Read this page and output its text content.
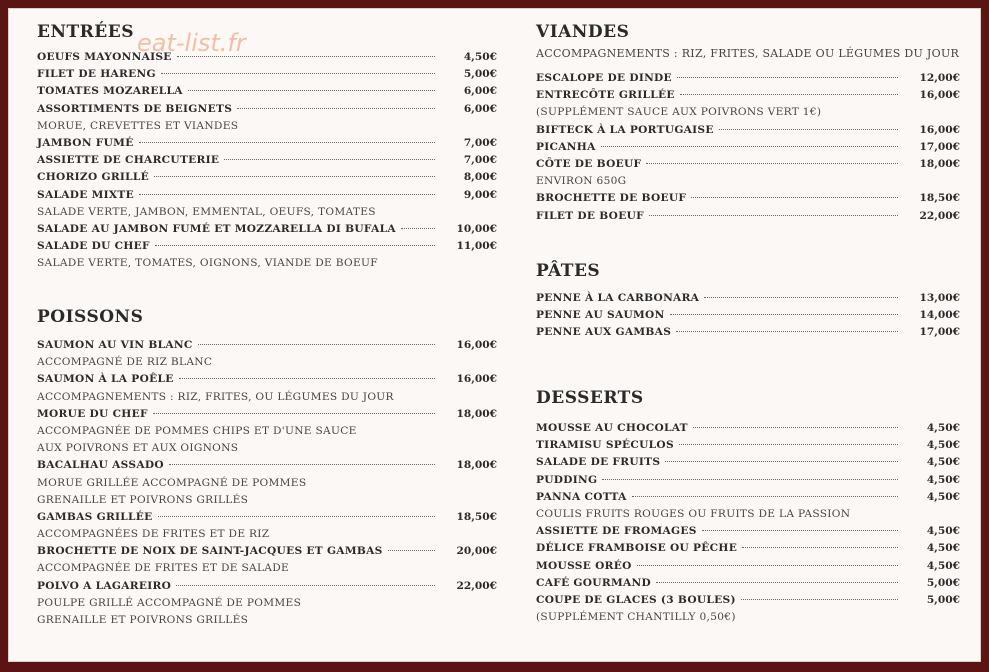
eat-list.fr
ENTRÉES
OEUFS MAYONNAISE	4,50€
FILET DE HARENG	5,00€
TOMATES MOZARELLA	6,00€
ASSORTIMENTS DE BEIGNETS	6,00€
MORUE, CREVETTES ET VIANDES
JAMBON FUMÉ	7,00€
ASSIETTE DE CHARCUTERIE	7,00€
CHORIZO GRILLÉ	8,00€
SALADE MIXTE	9,00€
SALADE VERTE, JAMBON, EMMENTAL, OEUFS, TOMATES
SALADE AU JAMBON FUMÉ ET MOZZARELLA DI BUFALA	10,00€
SALADE DU CHEF	11,00€
SALADE VERTE, TOMATES, OIGNONS, VIANDE DE BOEUF
POISSONS
SAUMON AU VIN BLANC	16,00€
ACCOMPAGNÉ DE RIZ BLANC
SAUMON À LA POÊLE	16,00€
ACCOMPAGNEMENTS : RIZ, FRITES, OU LÉGUMES DU JOUR
MORUE DU CHEF	18,00€
ACCOMPAGNÉE DE POMMES CHIPS ET D'UNE SAUCE
AUX POIVRONS ET AUX OIGNONS
BACALHAU ASSADO	18,00€
MORUE GRILLÉE ACCOMPAGNÉ DE POMMES
GRENAILLE ET POIVRONS GRILLÉS
GAMBAS GRILLÉE	18,50€
ACCOMPAGNÉES DE FRITES ET DE RIZ
BROCHETTE DE NOIX DE SAINT-JACQUES ET GAMBAS	20,00€
ACCOMPAGNÉE DE FRITES ET DE SALADE
POLVO A LAGAREIRO	22,00€
POULPE GRILLÉ ACCOMPAGNÉ DE POMMES
GRENAILLE ET POIVRONS GRILLÉS
VIANDES
ACCOMPAGNEMENTS : RIZ, FRITES, SALADE OU LÉGUMES DU JOUR
ESCALOPE DE DINDE	12,00€
ENTRECÔTE GRILLÉE	16,00€
(SUPPLÉMENT SAUCE AUX POIVRONS VERT 1€)
BIFTECK À LA PORTUGAISE	16,00€
PICANHA	17,00€
CÔTE DE BOEUF	18,00€
ENVIRON 650G
BROCHETTE DE BOEUF	18,50€
FILET DE BOEUF	22,00€
PÂTES
PENNE À LA CARBONARA	13,00€
PENNE AU SAUMON	14,00€
PENNE AUX GAMBAS	17,00€
DESSERTS
MOUSSE AU CHOCOLAT	4,50€
TIRAMISU SPÉCULOS	4,50€
SALADE DE FRUITS	4,50€
PUDDING	4,50€
PANNA COTTA	4,50€
COULIS FRUITS ROUGES OU FRUITS DE LA PASSION
ASSIETTE DE FROMAGES	4,50€
DÉLICE FRAMBOISE OU PÊCHE	4,50€
MOUSSE ORÉO	4,50€
CAFÉ GOURMAND	5,00€
COUPE DE GLACES (3 BOULES)	5,00€
(SUPPLÉMENT CHANTILLY 0,50€)
